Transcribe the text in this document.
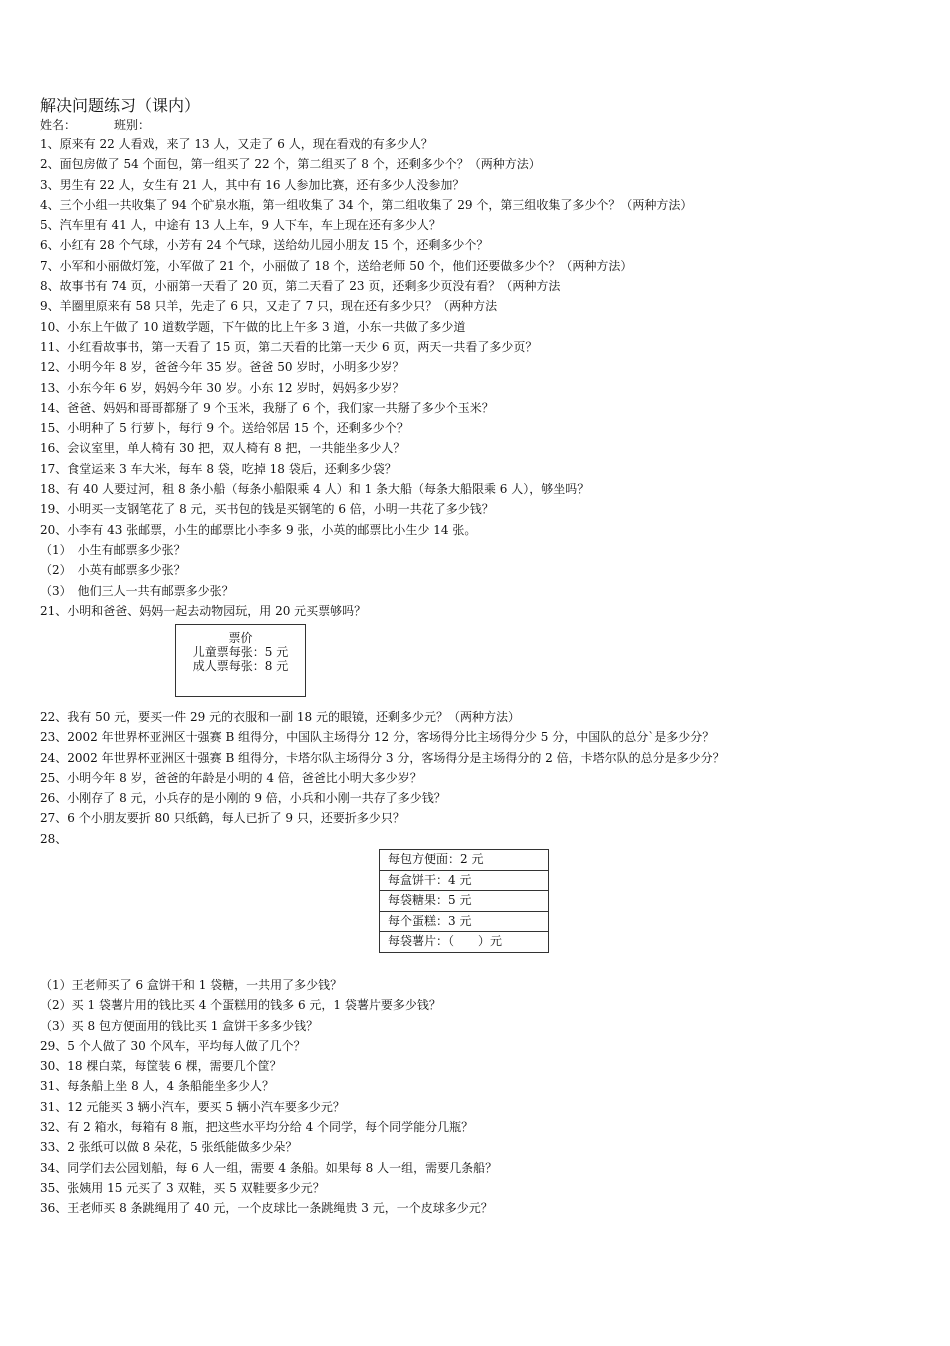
解决问题练习（课内）
姓名：	班别：
1、原来有 22 人看戏，来了 13 人，又走了 6 人，现在看戏的有多少人？
2、面包房做了 54 个面包，第一组买了 22 个，第二组买了 8 个，还剩多少个？（两种方法）
3、男生有 22 人，女生有 21 人，其中有 16 人参加比赛，还有多少人没参加？
4、三个小组一共收集了 94 个矿泉水瓶，第一组收集了 34 个，第二组收集了 29 个，第三组收集了多少个？（两种方法）
5、汽车里有 41 人，中途有 13 人上车，9 人下车，车上现在还有多少人？
6、小红有 28 个气球，小芳有 24 个气球，送给幼儿园小朋友 15 个，还剩多少个？
7、小军和小丽做灯笼，小军做了 21 个，小丽做了 18 个，送给老师 50 个，他们还要做多少个？（两种方法）
8、故事书有 74 页，小丽第一天看了 20 页，第二天看了 23 页，还剩多少页没有看？（两种方法
9、羊圈里原来有 58 只羊，先走了 6 只，又走了 7 只，现在还有多少只？（两种方法
10、小东上午做了 10 道数学题，下午做的比上午多 3 道，小东一共做了多少道
11、小红看故事书，第一天看了 15 页，第二天看的比第一天少 6 页，两天一共看了多少页？
12、小明今年 8 岁，爸爸今年 35 岁。爸爸 50 岁时，小明多少岁？
13、小东今年 6 岁，妈妈今年 30 岁。小东 12 岁时，妈妈多少岁？
14、爸爸、妈妈和哥哥都掰了 9 个玉米，我掰了 6 个，我们家一共掰了多少个玉米？
15、小明种了 5 行萝卜，每行 9 个。送给邻居 15 个，还剩多少个？
16、会议室里，单人椅有 30 把，双人椅有 8 把，一共能坐多少人？
17、食堂运来 3 车大米，每车 8 袋，吃掉 18 袋后，还剩多少袋？
18、有 40 人要过河，租 8 条小船（每条小船限乘 4 人）和 1 条大船（每条大船限乘 6 人），够坐吗？
19、小明买一支钢笔花了 8 元，买书包的钱是买钢笔的 6 倍，小明一共花了多少钱？
20、小李有 43 张邮票，小生的邮票比小李多 9 张，小英的邮票比小生少 14 张。
（1）　小生有邮票多少张？
（2）　小英有邮票多少张？
（3）　他们三人一共有邮票多少张？
21、小明和爸爸、妈妈一起去动物园玩，用 20 元买票够吗？
票价
儿童票每张：5 元
成人票每张：8 元
22、我有 50 元，要买一件 29 元的衣服和一副 18 元的眼镜，还剩多少元？（两种方法）
23、2002 年世界杯亚洲区十强赛 B 组得分，中国队主场得分 12 分，客场得分比主场得分少 5 分，中国队的总分`是多少分？
24、2002 年世界杯亚洲区十强赛 B 组得分，卡塔尔队主场得分 3 分，客场得分是主场得分的 2 倍，卡塔尔队的总分是多少分？
25、小明今年 8 岁，爸爸的年龄是小明的 4 倍，爸爸比小明大多少岁？
26、小刚存了 8 元，小兵存的是小刚的 9 倍，小兵和小刚一共存了多少钱？
27、6 个小朋友要折 80 只纸鹤，每人已折了 9 只，还要折多少只？
28、
每包方便面：2 元
每盒饼干：4 元
每袋糖果：5 元
每个蛋糕：3 元
每袋薯片：（　　）元
（1）王老师买了 6 盒饼干和 1 袋糖，一共用了多少钱？
（2）买 1 袋薯片用的钱比买 4 个蛋糕用的钱多 6 元，1 袋薯片要多少钱？
（3）买 8 包方便面用的钱比买 1 盒饼干多多少钱？
29、5 个人做了 30 个风车，平均每人做了几个？
30、18 棵白菜，每筐装 6 棵，需要几个筐？
31、每条船上坐 8 人，4 条船能坐多少人？
31、12 元能买 3 辆小汽车，要买 5 辆小汽车要多少元？
32、有 2 箱水，每箱有 8 瓶，把这些水平均分给 4 个同学，每个同学能分几瓶？
33、2 张纸可以做 8 朵花，5 张纸能做多少朵？
34、同学们去公园划船，每 6 人一组，需要 4 条船。如果每 8 人一组，需要几条船？
35、张姨用 15 元买了 3 双鞋，买 5 双鞋要多少元？
36、王老师买 8 条跳绳用了 40 元，一个皮球比一条跳绳贵 3 元，一个皮球多少元？
